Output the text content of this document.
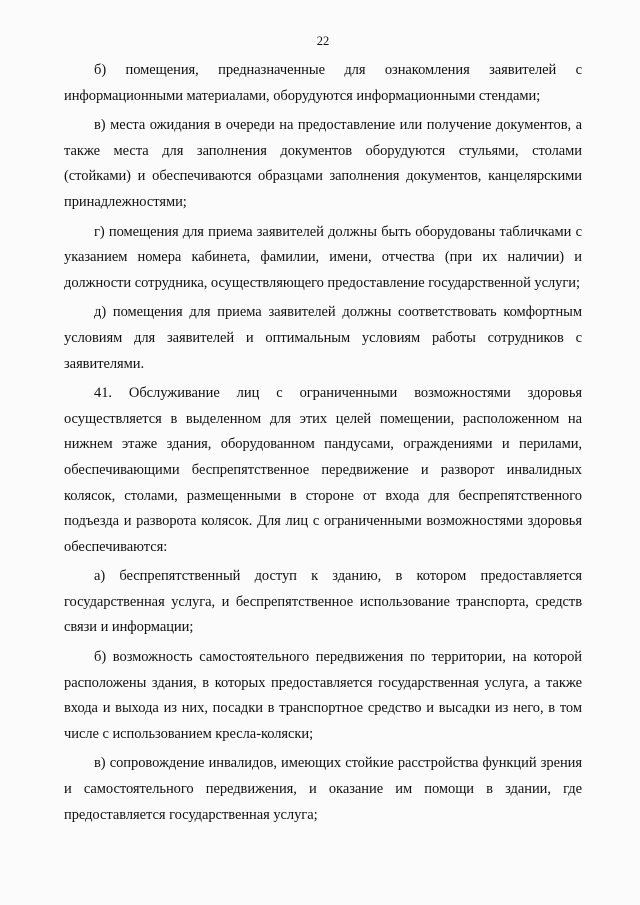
22

б) помещения, предназначенные для ознакомления заявителей с информационными материалами, оборудуются информационными стендами;

в) места ожидания в очереди на предоставление или получение документов, а также места для заполнения документов оборудуются стульями, столами (стойками) и обеспечиваются образцами заполнения документов, канцелярскими принадлежностями;

г) помещения для приема заявителей должны быть оборудованы табличками с указанием номера кабинета, фамилии, имени, отчества (при их наличии) и должности сотрудника, осуществляющего предоставление государственной услуги;

д) помещения для приема заявителей должны соответствовать комфортным условиям для заявителей и оптимальным условиям работы сотрудников с заявителями.

41. Обслуживание лиц с ограниченными возможностями здоровья осуществляется в выделенном для этих целей помещении, расположенном на нижнем этаже здания, оборудованном пандусами, ограждениями и перилами, обеспечивающими беспрепятственное передвижение и разворот инвалидных колясок, столами, размещенными в стороне от входа для беспрепятственного подъезда и разворота колясок. Для лиц с ограниченными возможностями здоровья обеспечиваются:

а) беспрепятственный доступ к зданию, в котором предоставляется государственная услуга, и беспрепятственное использование транспорта, средств связи и информации;

б) возможность самостоятельного передвижения по территории, на которой расположены здания, в которых предоставляется государственная услуга, а также входа и выхода из них, посадки в транспортное средство и высадки из него, в том числе с использованием кресла-коляски;

в) сопровождение инвалидов, имеющих стойкие расстройства функций зрения и самостоятельного передвижения, и оказание им помощи в здании, где предоставляется государственная услуга;
